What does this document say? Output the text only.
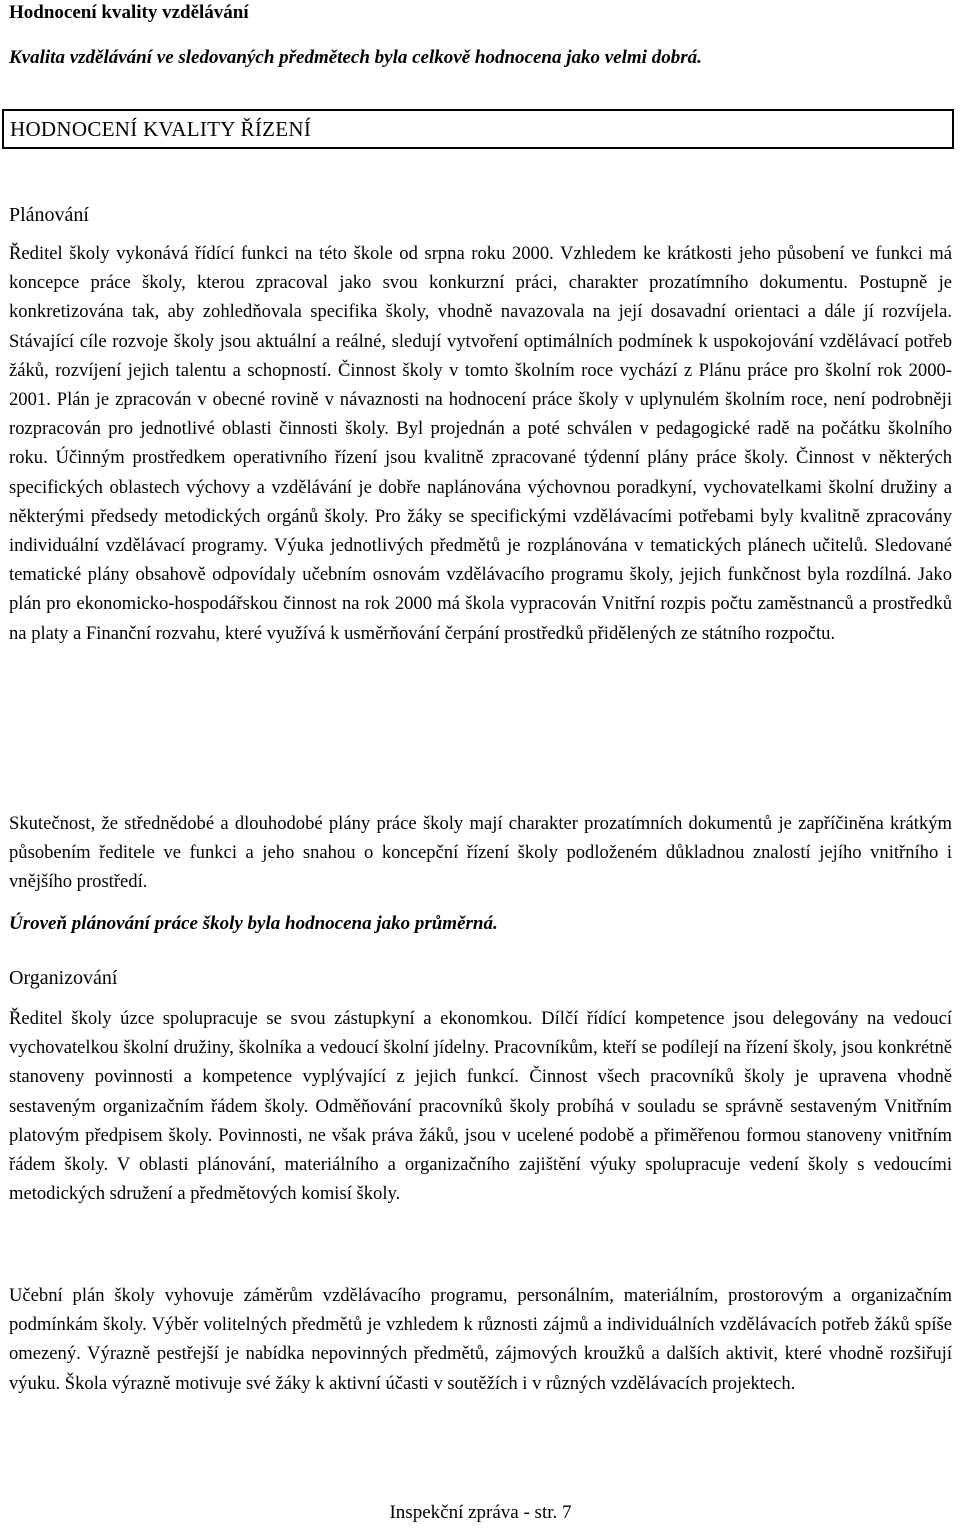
Hodnocení kvality vzdělávání
Kvalita vzdělávání ve sledovaných předmětech byla celkově hodnocena jako velmi dobrá.
HODNOCENÍ KVALITY ŘÍZENÍ
Plánování

Ředitel školy vykonává řídící funkci na této škole od srpna roku 2000. Vzhledem ke krátkosti jeho působení ve funkci má koncepce práce školy, kterou zpracoval jako svou konkurzní práci, charakter prozatímního dokumentu. Postupně je konkretizována tak, aby zohledňovala specifika školy, vhodně navazovala na její dosavadní orientaci a dále jí rozvíjela. Stávající cíle rozvoje školy jsou aktuální a reálné, sledují vytvoření optimálních podmínek k uspokojování vzdělávací potřeb žáků, rozvíjení jejich talentu a schopností. Činnost školy v tomto školním roce vychází z Plánu práce pro školní rok 2000-2001. Plán je zpracován v obecné rovině v návaznosti na hodnocení práce školy v uplynulém školním roce, není podrobněji rozpracován pro jednotlivé oblasti činnosti školy. Byl projednán a poté schválen v pedagogické radě na počátku školního roku. Účinným prostředkem operativního řízení jsou kvalitně zpracované týdenní plány práce školy. Činnost v některých specifických oblastech výchovy a vzdělávání je dobře naplánována výchovnou poradkyní, vychovatelkami školní družiny a některými předsedy metodických orgánů školy. Pro žáky se specifickými vzdělávacími potřebami byly kvalitně zpracovány individuální vzdělávací programy. Výuka jednotlivých předmětů je rozplánována v tematických plánech učitelů. Sledované tematické plány obsahově odpovídaly učebním osnovám vzdělávacího programu školy, jejich funkčnost byla rozdílná. Jako plán pro ekonomicko-hospodářskou činnost na rok 2000 má škola vypracován Vnitřní rozpis počtu zaměstnanců a prostředků na platy a Finanční rozvahu, které využívá k usměrňování čerpání prostředků přidělených ze státního rozpočtu.

Skutečnost, že střednědobé a dlouhodobé plány práce školy mají charakter prozatímních dokumentů je zapříčiněna krátkým působením ředitele ve funkci a jeho snahou o koncepční řízení školy podloženém důkladnou znalostí jejího vnitřního i vnějšího prostředí.

Úroveň plánování práce školy byla hodnocena jako průměrná.
Organizování

Ředitel školy úzce spolupracuje se svou zástupkyní a ekonomkou. Dílčí řídící kompetence jsou delegovány na vedoucí vychovatelkou školní družiny, školníka a vedoucí školní jídelny. Pracovníkům, kteří se podílejí na řízení školy, jsou konkrétně stanoveny povinnosti a kompetence vyplývající z jejich funkcí. Činnost všech pracovníků školy je upravena vhodně sestaveným organizačním řádem školy. Odměňování pracovníků školy probíhá v souladu se správně sestaveným Vnitřním platovým předpisem školy. Povinnosti, ne však práva žáků, jsou v ucelené podobě a přiměřenou formou stanoveny vnitřním řádem školy. V oblasti plánování, materiálního a organizačního zajištění výuky spolupracuje vedení školy s vedoucími metodických sdružení a předmětových komisí školy.

Učební plán školy vyhovuje záměrům vzdělávacího programu, personálním, materiálním, prostorovým a organizačním podmínkám školy. Výběr volitelných předmětů je vzhledem k různosti zájmů a individuálních vzdělávacích potřeb žáků spíše omezený. Výrazně pestřejší je nabídka nepovinných předmětů, zájmových kroužků a dalších aktivit, které vhodně rozšiřují výuku. Škola výrazně motivuje své žáky k aktivní účasti v soutěžích i v různých vzdělávacích projektech.

Inspekční zpráva - str. 7
